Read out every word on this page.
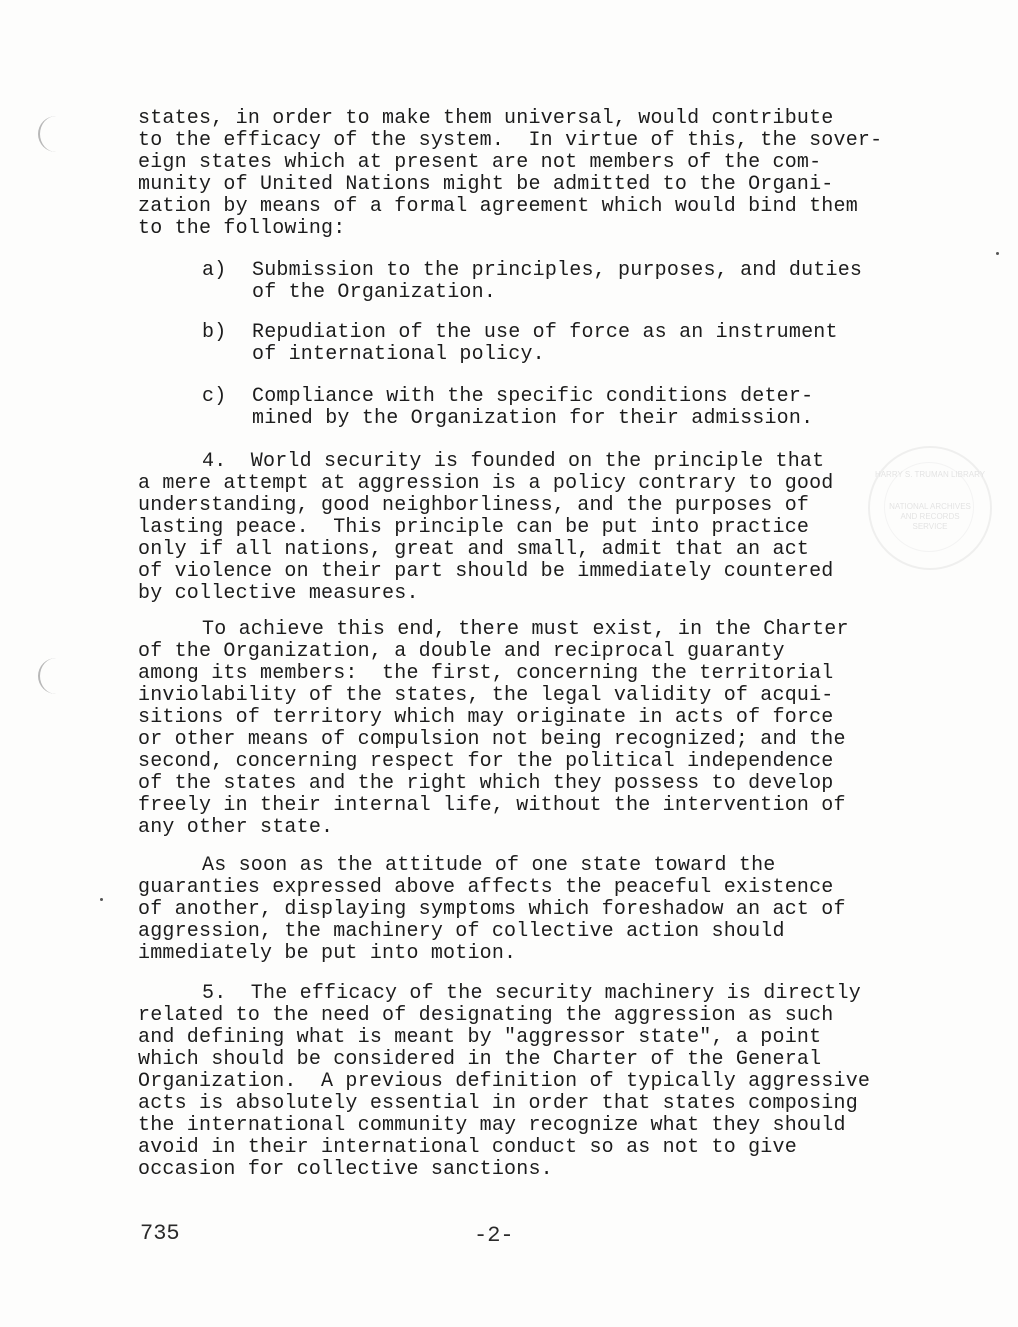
HARRY S. TRUMAN LIBRARY
NATIONAL ARCHIVES AND RECORDS SERVICE
states, in order to make them universal, would contribute
to the efficacy of the system.  In virtue of this, the sover-
eign states which at present are not members of the com-
munity of United Nations might be admitted to the Organi-
zation by means of a formal agreement which would bind them
to the following:
a) Submission to the principles, purposes, and duties
of the Organization.
b) Repudiation of the use of force as an instrument
of international policy.
c) Compliance with the specific conditions deter-
mined by the Organization for their admission.
4.  World security is founded on the principle that
a mere attempt at aggression is a policy contrary to good
understanding, good neighborliness, and the purposes of
lasting peace.  This principle can be put into practice
only if all nations, great and small, admit that an act
of violence on their part should be immediately countered
by collective measures.
To achieve this end, there must exist, in the Charter
of the Organization, a double and reciprocal guaranty
among its members:  the first, concerning the territorial
inviolability of the states, the legal validity of acqui-
sitions of territory which may originate in acts of force
or other means of compulsion not being recognized; and the
second, concerning respect for the political independence
of the states and the right which they possess to develop
freely in their internal life, without the intervention of
any other state.
As soon as the attitude of one state toward the
guaranties expressed above affects the peaceful existence
of another, displaying symptoms which foreshadow an act of
aggression, the machinery of collective action should
immediately be put into motion.
5.  The efficacy of the security machinery is directly
related to the need of designating the aggression as such
and defining what is meant by "aggressor state", a point
which should be considered in the Charter of the General
Organization.  A previous definition of typically aggressive
acts is absolutely essential in order that states composing
the international community may recognize what they should
avoid in their international conduct so as not to give
occasion for collective sanctions.
735	-2-
